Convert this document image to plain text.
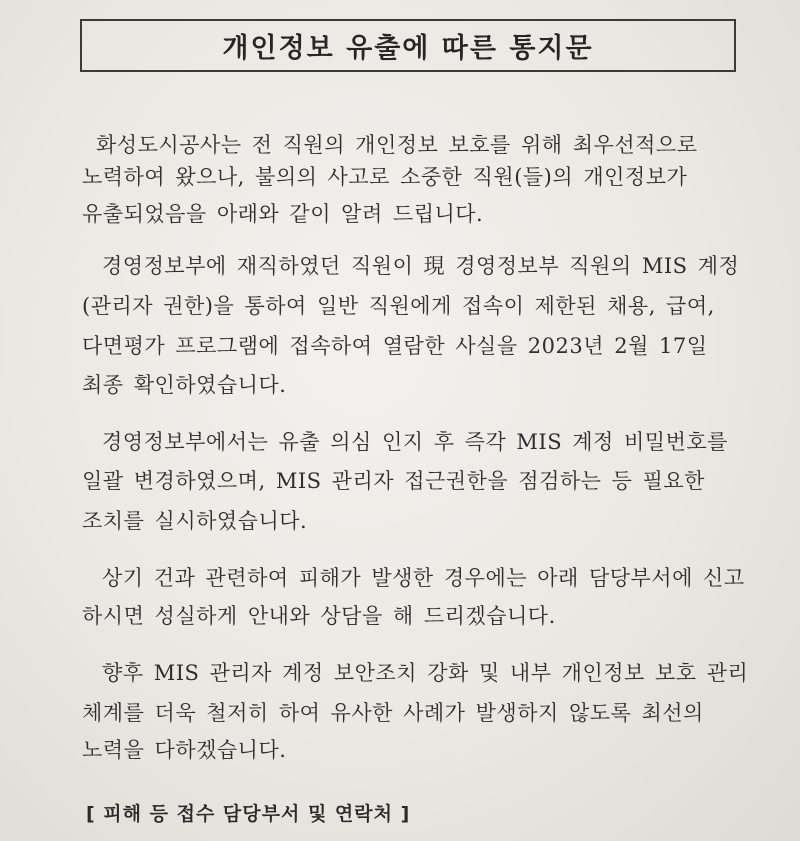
개인정보 유출에 따른 통지문
화성도시공사는 전 직원의 개인정보 보호를 위해 최우선적으로
노력하여 왔으나, 불의의 사고로 소중한 직원(들)의 개인정보가
유출되었음을 아래와 같이 알려 드립니다.
경영정보부에 재직하였던 직원이 現 경영정보부 직원의 MIS 계정
(관리자 권한)을 통하여 일반 직원에게 접속이 제한된 채용, 급여,
다면평가 프로그램에 접속하여 열람한 사실을 2023년 2월 17일
최종 확인하였습니다.
경영정보부에서는 유출 의심 인지 후 즉각 MIS 계정 비밀번호를
일괄 변경하였으며, MIS 관리자 접근권한을 점검하는 등 필요한
조치를 실시하였습니다.
상기 건과 관련하여 피해가 발생한 경우에는 아래 담당부서에 신고
하시면 성실하게 안내와 상담을 해 드리겠습니다.
향후 MIS 관리자 계정 보안조치 강화 및 내부 개인정보 보호 관리
체계를 더욱 철저히 하여 유사한 사례가 발생하지 않도록 최선의
노력을 다하겠습니다.
[ 피해 등 접수 담당부서 및 연락처 ]
